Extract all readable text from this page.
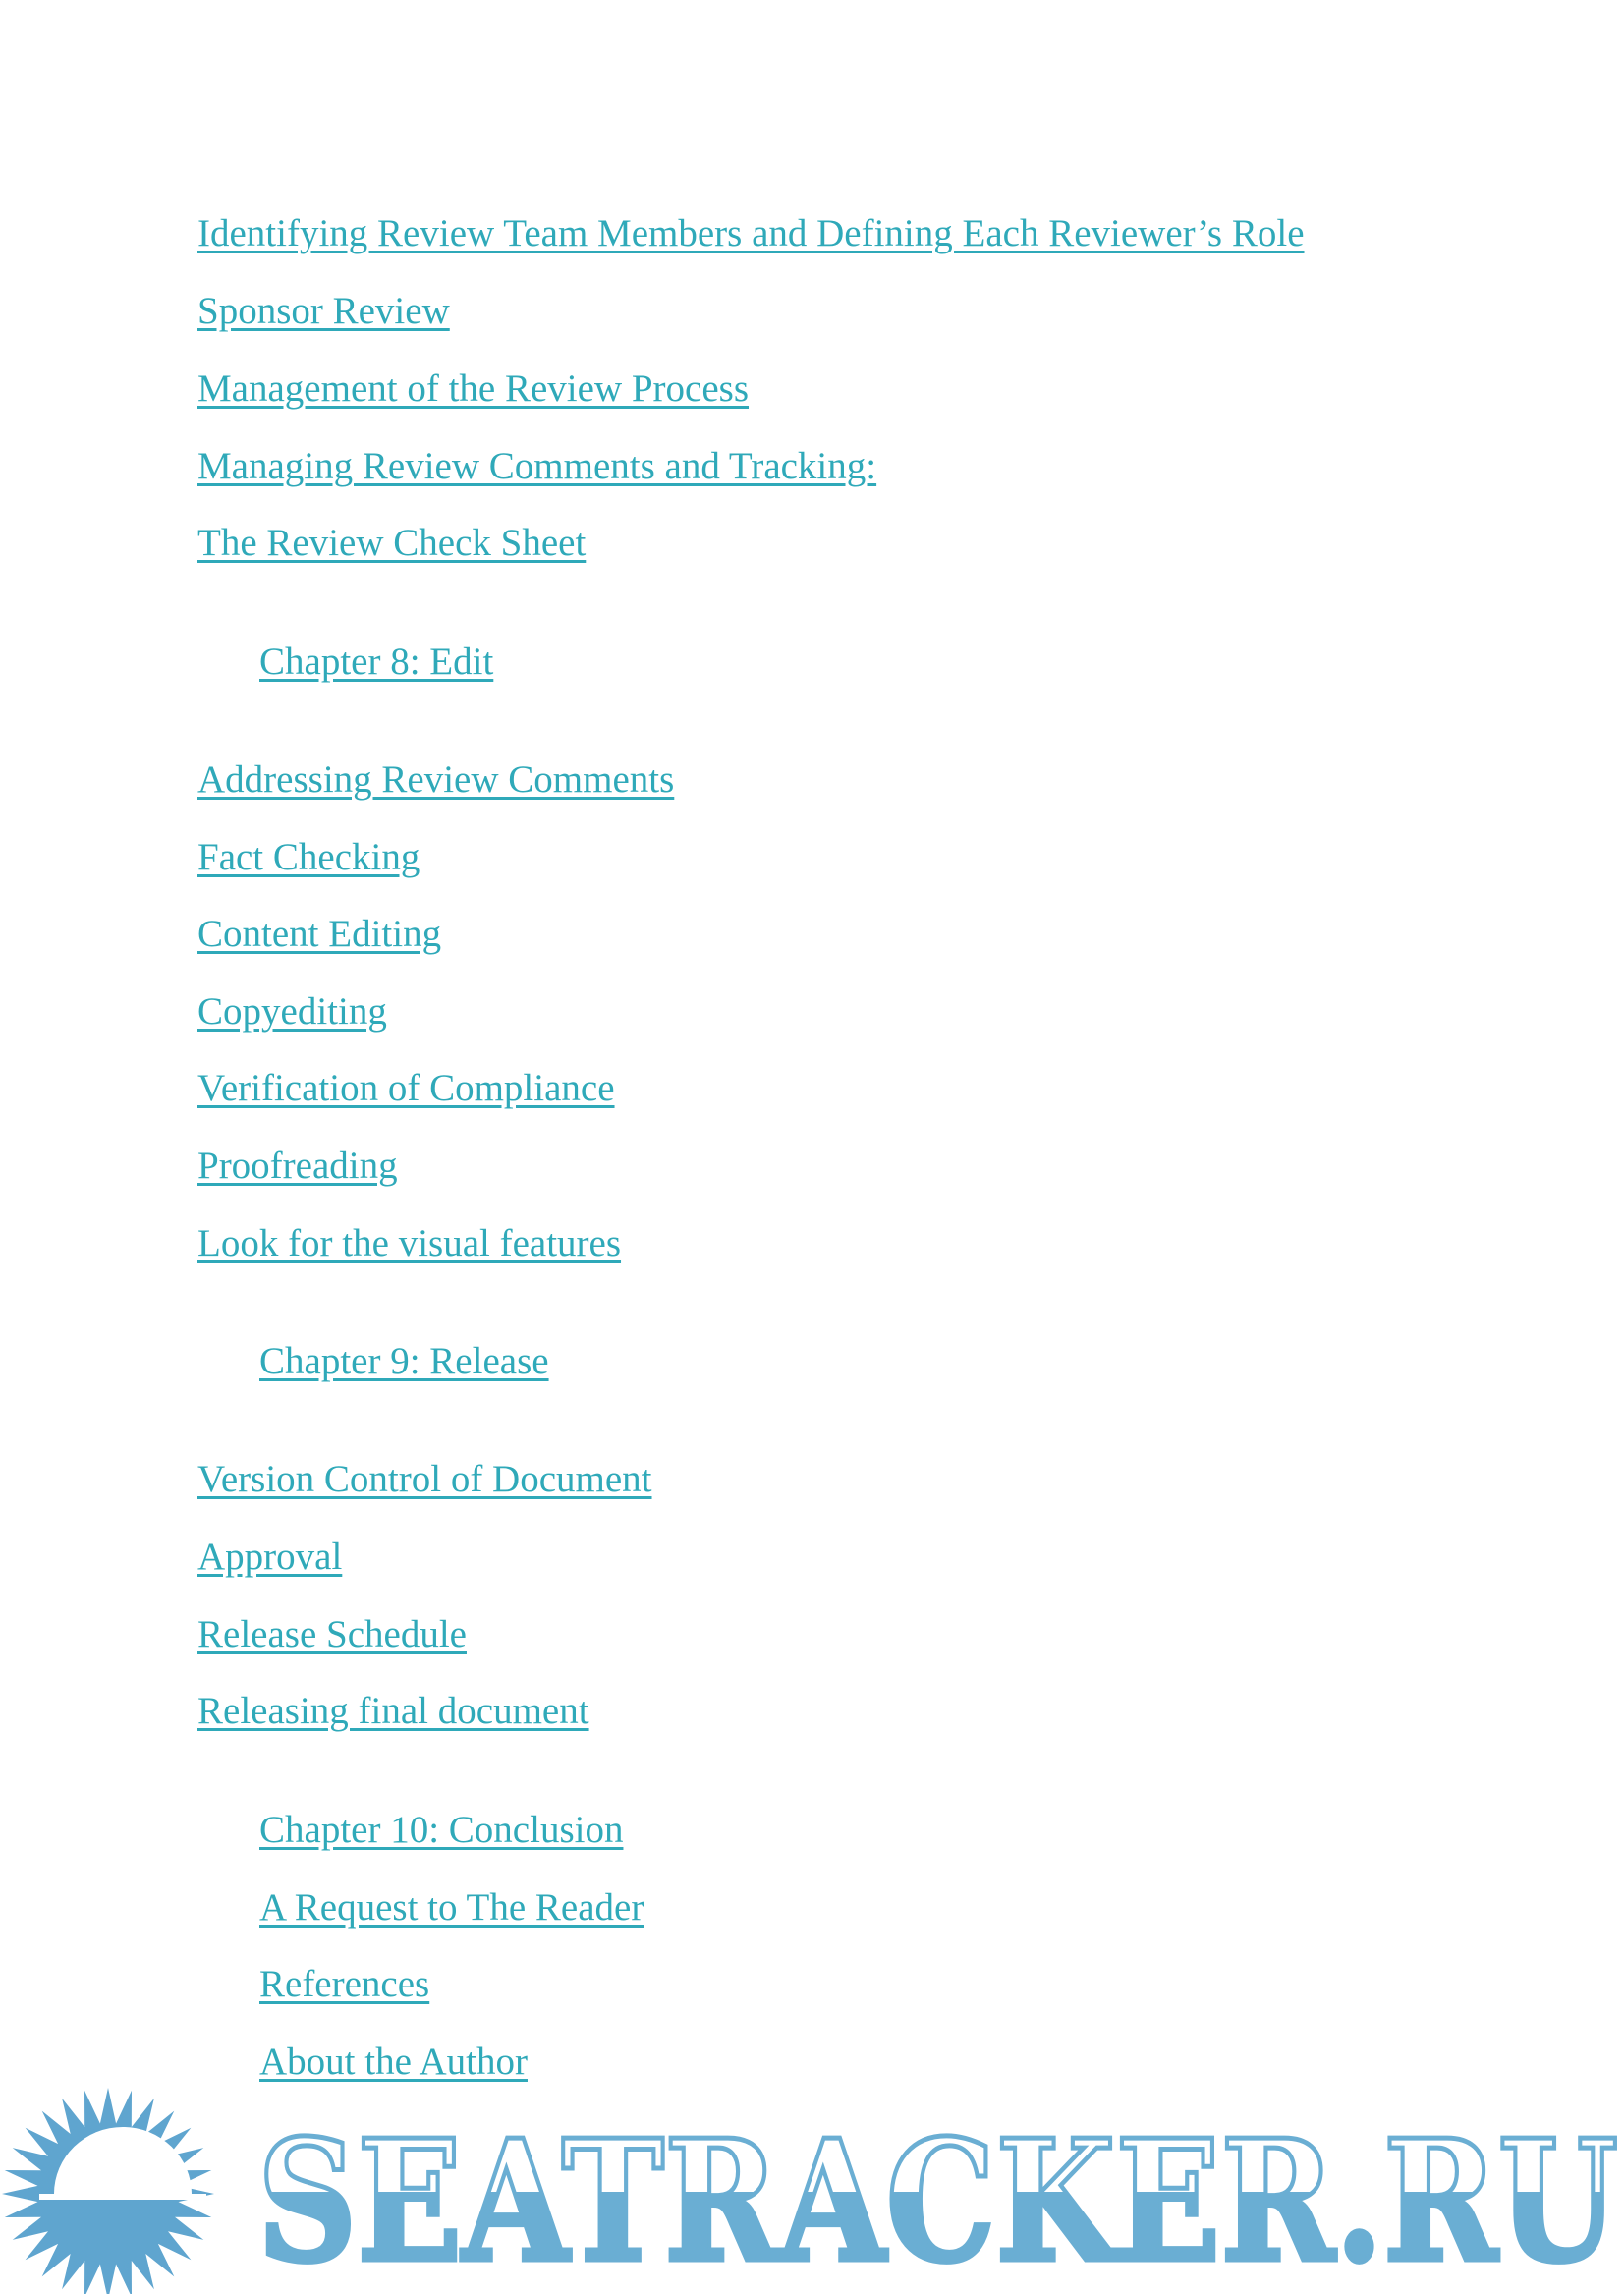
Identifying Review Team Members and Defining Each Reviewer’s Role
Sponsor Review
Management of the Review Process
Managing Review Comments and Tracking:
The Review Check Sheet
Chapter 8: Edit
Addressing Review Comments
Fact Checking
Content Editing
Copyediting
Verification of Compliance
Proofreading
Look for the visual features
Chapter 9: Release
Version Control of Document
Approval
Release Schedule
Releasing final document
Chapter 10: Conclusion
A Request to The Reader
References
About the Author
SEATRACKER.RU
